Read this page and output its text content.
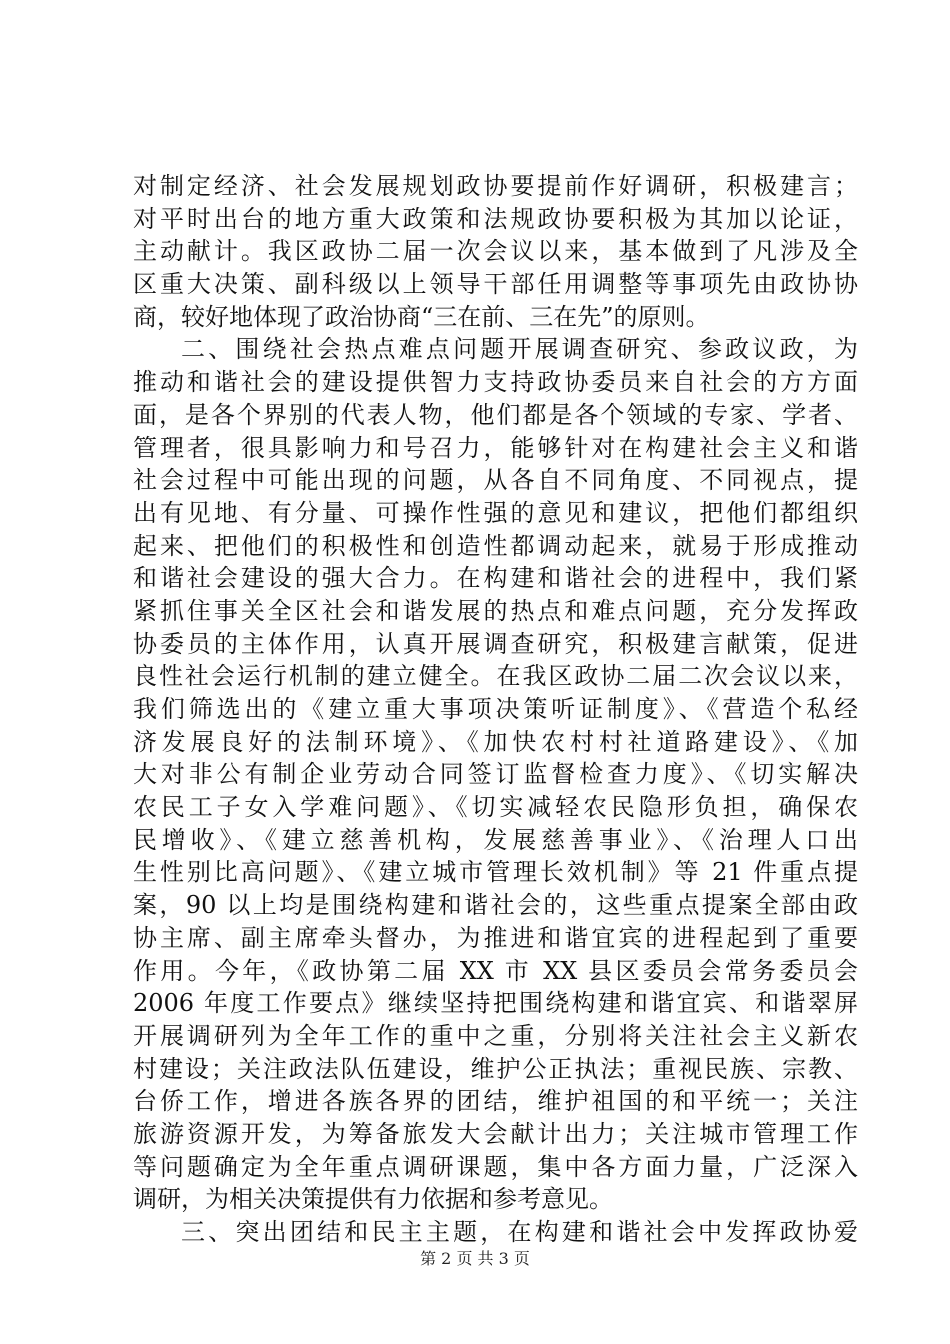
对制定经济、社会发展规划政协要提前作好调研，积极建言；
对平时出台的地方重大政策和法规政协要积极为其加以论证，
主动献计。我区政协二届一次会议以来，基本做到了凡涉及全
区重大决策、副科级以上领导干部任用调整等事项先由政协协
商，较好地体现了政治协商“三在前、三在先”的原则。
二、围绕社会热点难点问题开展调查研究、参政议政，为
推动和谐社会的建设提供智力支持政协委员来自社会的方方面
面，是各个界别的代表人物，他们都是各个领域的专家、学者、
管理者，很具影响力和号召力，能够针对在构建社会主义和谐
社会过程中可能出现的问题，从各自不同角度、不同视点，提
出有见地、有分量、可操作性强的意见和建议，把他们都组织
起来、把他们的积极性和创造性都调动起来，就易于形成推动
和谐社会建设的强大合力。在构建和谐社会的进程中，我们紧
紧抓住事关全区社会和谐发展的热点和难点问题，充分发挥政
协委员的主体作用，认真开展调查研究，积极建言献策，促进
良性社会运行机制的建立健全。在我区政协二届二次会议以来，
我们筛选出的《建立重大事项决策听证制度》、《营造个私经
济发展良好的法制环境》、《加快农村村社道路建设》、《加
大对非公有制企业劳动合同签订监督检查力度》、《切实解决
农民工子女入学难问题》、《切实减轻农民隐形负担，确保农
民增收》、《建立慈善机构，发展慈善事业》、《治理人口出
生性别比高问题》、《建立城市管理长效机制》等 21 件重点提
案，90 以上均是围绕构建和谐社会的，这些重点提案全部由政
协主席、副主席牵头督办，为推进和谐宜宾的进程起到了重要
作用。今年，《政协第二届 XX 市 XX 县区委员会常务委员会
2006 年度工作要点》继续坚持把围绕构建和谐宜宾、和谐翠屏
开展调研列为全年工作的重中之重，分别将关注社会主义新农
村建设；关注政法队伍建设，维护公正执法；重视民族、宗教、
台侨工作，增进各族各界的团结，维护祖国的和平统一；关注
旅游资源开发，为筹备旅发大会献计出力；关注城市管理工作
等问题确定为全年重点调研课题，集中各方面力量，广泛深入
调研，为相关决策提供有力依据和参考意见。
三、突出团结和民主主题，在构建和谐社会中发挥政协爱
第 2 页 共 3 页
